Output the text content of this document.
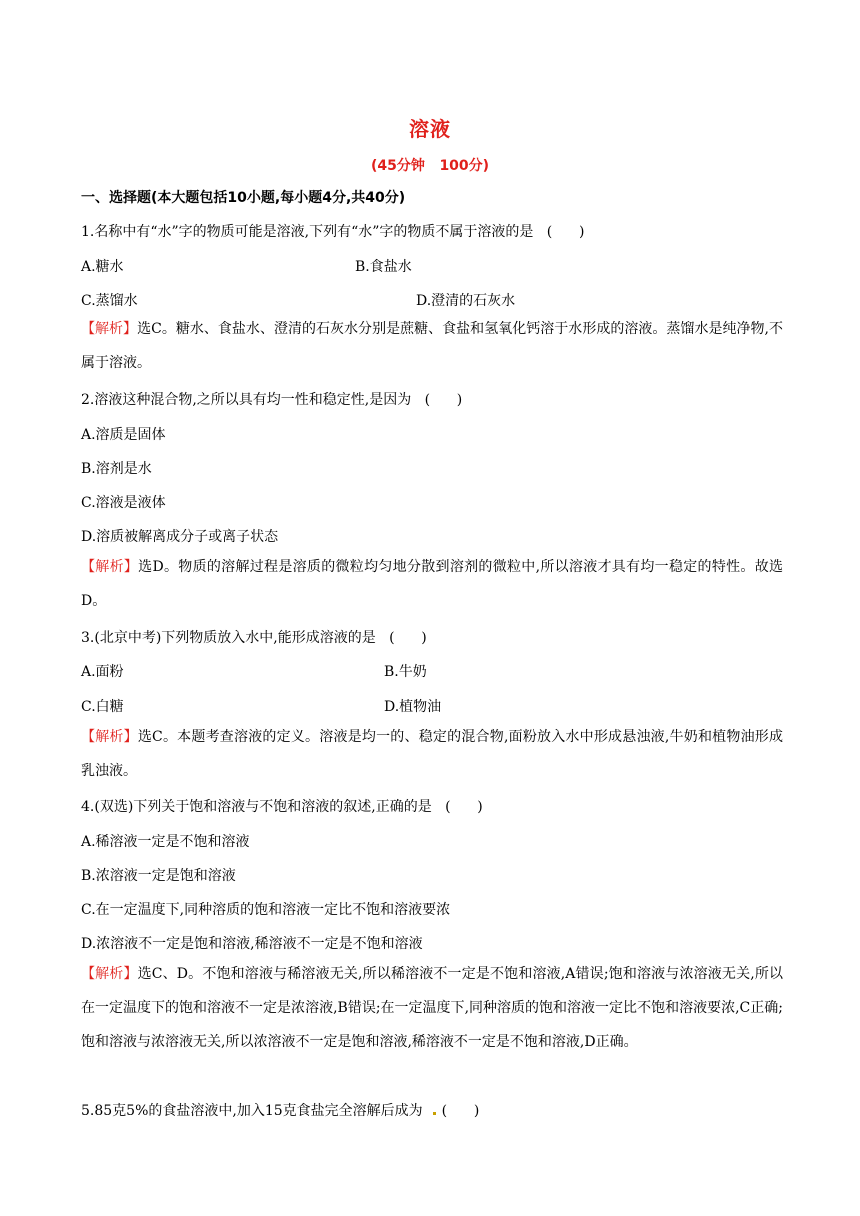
溶液
(45分钟   100分)
一、选择题(本大题包括10小题,每小题4分,共40分)
1.名称中有“水”字的物质可能是溶液,下列有“水”字的物质不属于溶液的是   (      )
A.糖水	B.食盐水
C.蒸馏水	D.澄清的石灰水
【解析】选C。糖水、食盐水、澄清的石灰水分别是蔗糖、食盐和氢氧化钙溶于水形成的溶液。蒸馏水是纯净物,不属于溶液。
2.溶液这种混合物,之所以具有均一性和稳定性,是因为   (      )
A.溶质是固体
B.溶剂是水
C.溶液是液体
D.溶质被解离成分子或离子状态
【解析】选D。物质的溶解过程是溶质的微粒均匀地分散到溶剂的微粒中,所以溶液才具有均一稳定的特性。故选D。
3.(北京中考)下列物质放入水中,能形成溶液的是   (      )
A.面粉	B.牛奶
C.白糖	D.植物油
【解析】选C。本题考查溶液的定义。溶液是均一的、稳定的混合物,面粉放入水中形成悬浊液,牛奶和植物油形成乳浊液。
4.(双选)下列关于饱和溶液与不饱和溶液的叙述,正确的是   (      )
A.稀溶液一定是不饱和溶液
B.浓溶液一定是饱和溶液
C.在一定温度下,同种溶质的饱和溶液一定比不饱和溶液要浓
D.浓溶液不一定是饱和溶液,稀溶液不一定是不饱和溶液
【解析】选C、D。不饱和溶液与稀溶液无关,所以稀溶液不一定是不饱和溶液,A错误;饱和溶液与浓溶液无关,所以在一定温度下的饱和溶液不一定是浓溶液,B错误;在一定温度下,同种溶质的饱和溶液一定比不饱和溶液要浓,C正确;饱和溶液与浓溶液无关,所以浓溶液不一定是饱和溶液,稀溶液不一定是不饱和溶液,D正确。
5.85克5%的食盐溶液中,加入15克食盐完全溶解后成为 (      )
